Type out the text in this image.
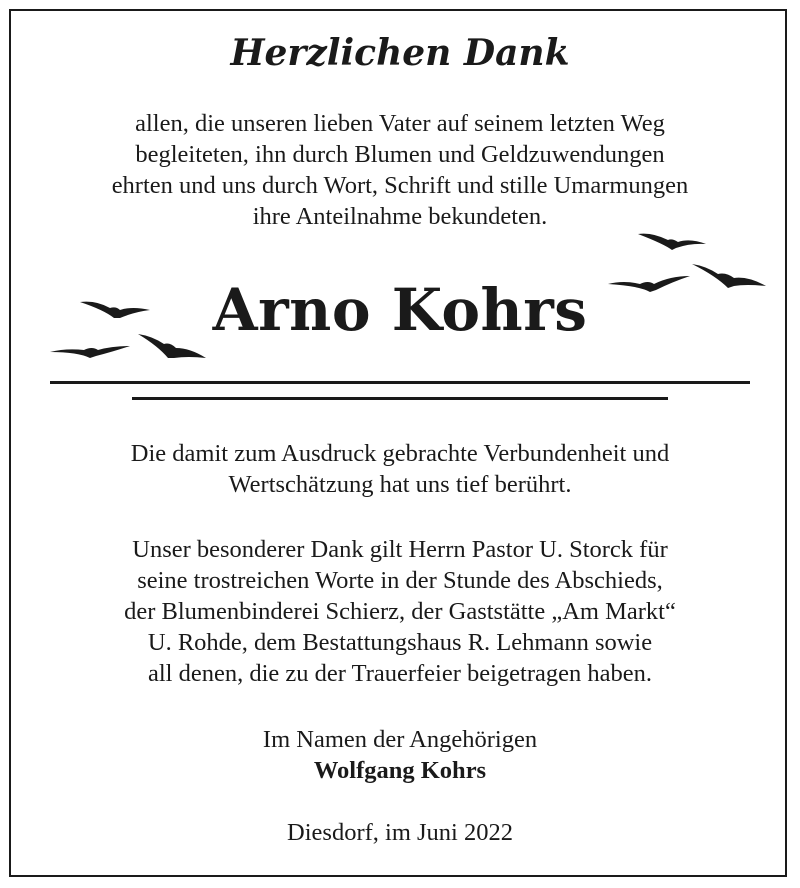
Herzlichen Dank
allen, die unseren lieben Vater auf seinem letzten Weg
begleiteten, ihn durch Blumen und Geldzuwendungen
ehrten und uns durch Wort, Schrift und stille Umarmungen
ihre Anteilnahme bekundeten.
Arno Kohrs
Die damit zum Ausdruck gebrachte Verbundenheit und
Wertschätzung hat uns tief berührt.
Unser besonderer Dank gilt Herrn Pastor U. Storck für
seine trostreichen Worte in der Stunde des Abschieds,
der Blumenbinderei Schierz, der Gaststätte „Am Markt“
U. Rohde, dem Bestattungshaus R. Lehmann sowie
all denen, die zu der Trauerfeier beigetragen haben.
Im Namen der Angehörigen
Wolfgang Kohrs
Diesdorf, im Juni 2022
